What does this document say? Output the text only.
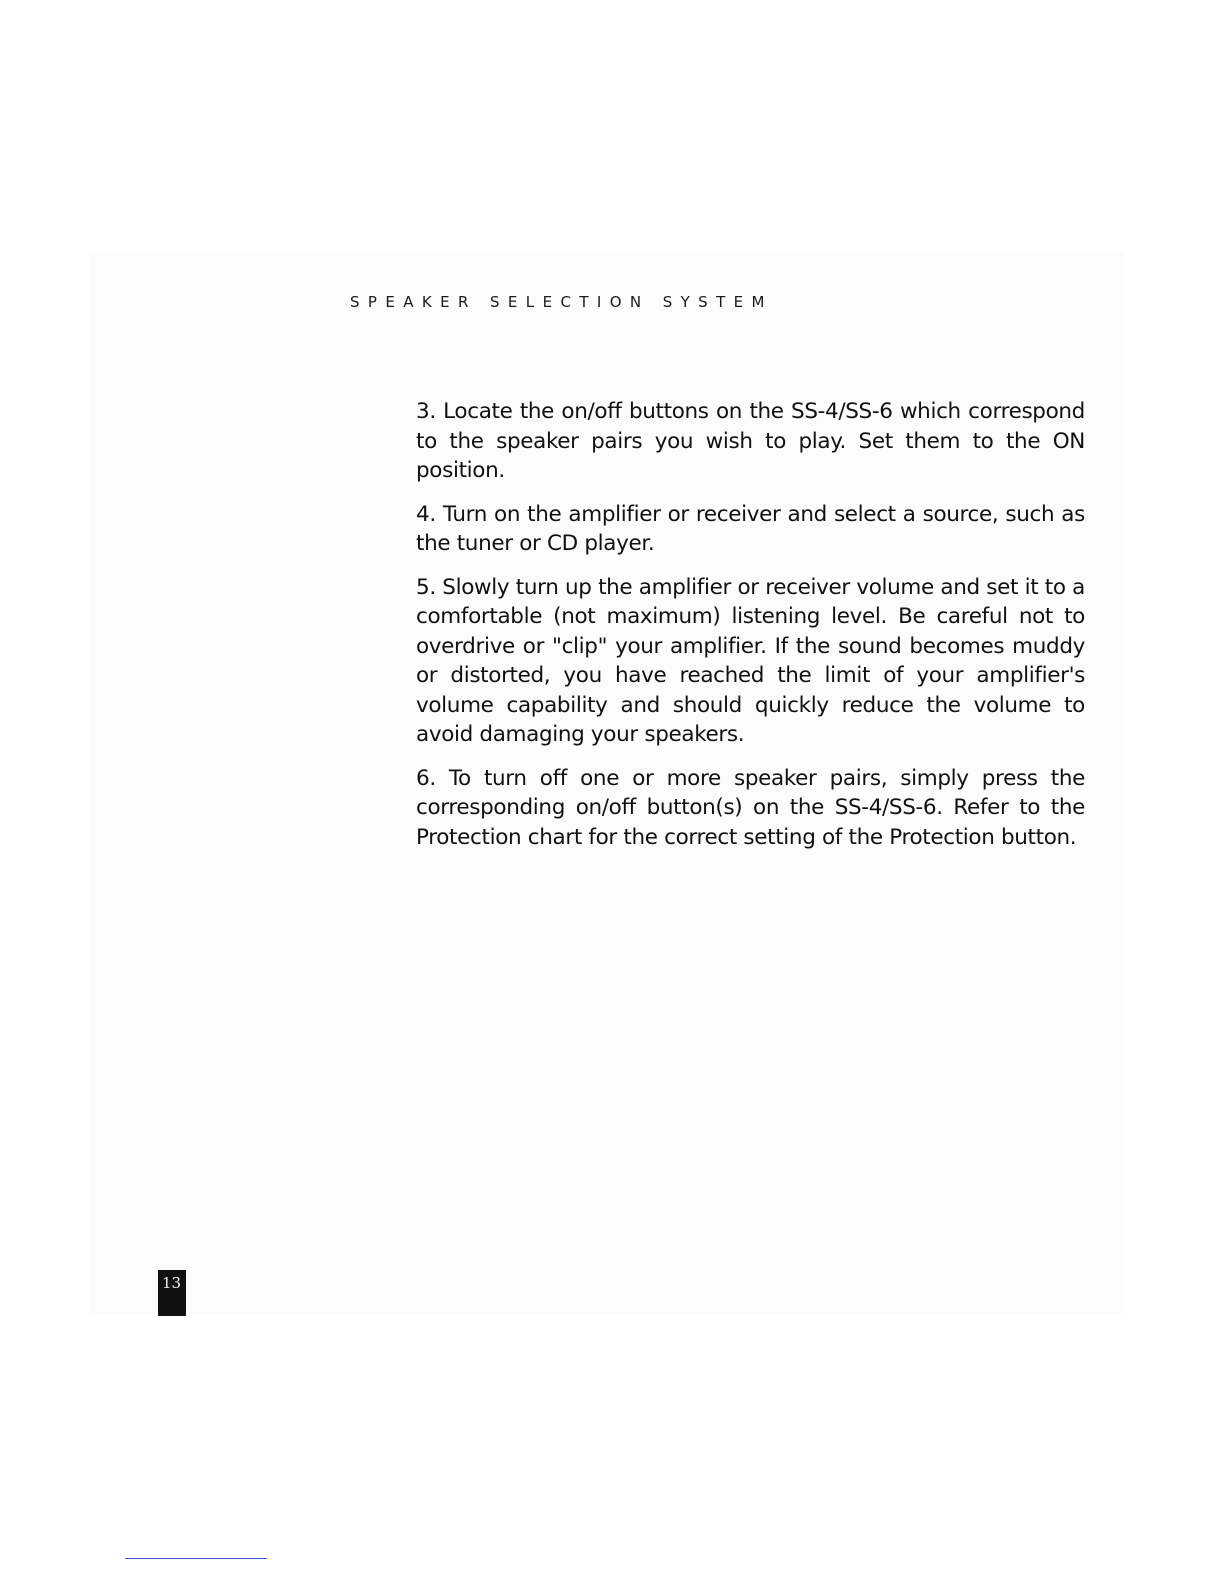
SPEAKER SELECTION SYSTEM

3. Locate the on/off buttons on the SS-4/SS-6 which correspond to the speaker pairs you wish to play. Set them to the ON position.

4. Turn on the amplifier or receiver and select a source, such as the tuner or CD player.

5. Slowly turn up the amplifier or receiver volume and set it to a comfortable (not maximum) listening level. Be careful not to overdrive or "clip" your amplifier. If the sound becomes muddy or distorted, you have reached the limit of your amplifier's volume capability and should quickly reduce the volume to avoid damaging your speakers.

6. To turn off one or more speaker pairs, simply press the corresponding on/off button(s) on the SS-4/SS-6. Refer to the Protection chart for the correct setting of the Protection button.

13
